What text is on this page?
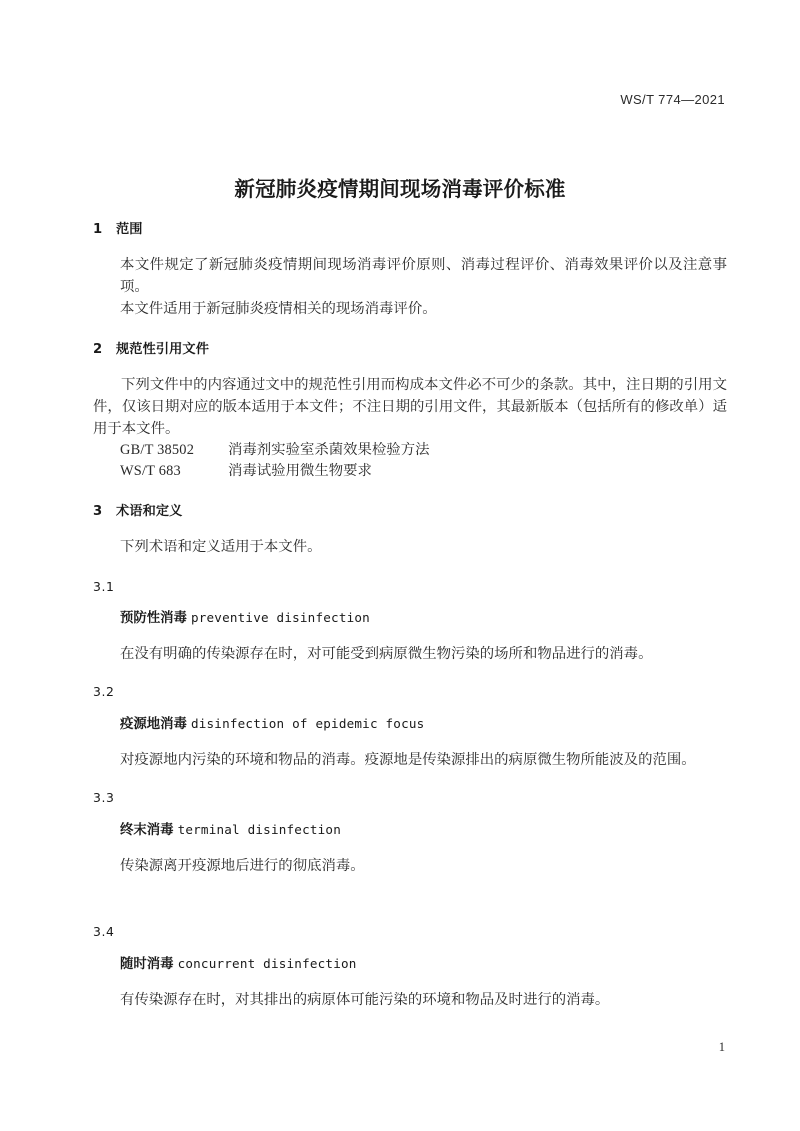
WS/T 774—2021
新冠肺炎疫情期间现场消毒评价标准
1 范围

本文件规定了新冠肺炎疫情期间现场消毒评价原则、消毒过程评价、消毒效果评价以及注意事项。

本文件适用于新冠肺炎疫情相关的现场消毒评价。

2 规范性引用文件

下列文件中的内容通过文中的规范性引用而构成本文件必不可少的条款。其中，注日期的引用文件，仅该日期对应的版本适用于本文件；不注日期的引用文件，其最新版本（包括所有的修改单）适用于本文件。

GB/T 38502 消毒剂实验室杀菌效果检验方法
WS/T 683	消毒试验用微生物要求
3 术语和定义

下列术语和定义适用于本文件。

3.1

预防性消毒 preventive disinfection

在没有明确的传染源存在时，对可能受到病原微生物污染的场所和物品进行的消毒。

3.2

疫源地消毒 disinfection of epidemic focus

对疫源地内污染的环境和物品的消毒。疫源地是传染源排出的病原微生物所能波及的范围。

3.3

终末消毒 terminal disinfection

传染源离开疫源地后进行的彻底消毒。

3.4

随时消毒 concurrent disinfection

有传染源存在时，对其排出的病原体可能污染的环境和物品及时进行的消毒。

1
